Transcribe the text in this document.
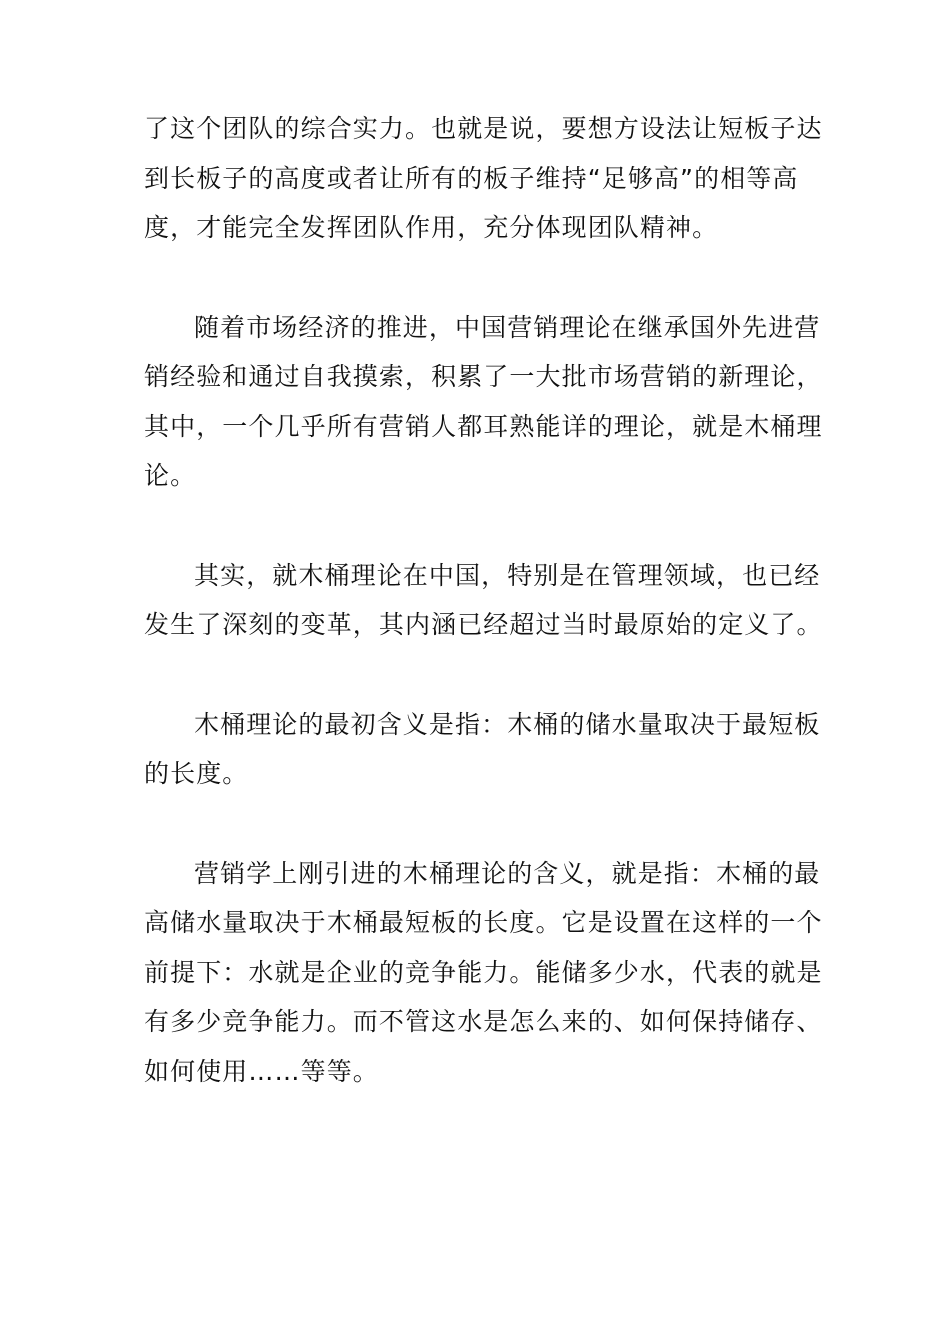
了这个团队的综合实力。也就是说，要想方设法让短板子达
到长板子的高度或者让所有的板子维持“足够高”的相等高
度，才能完全发挥团队作用，充分体现团队精神。

随着市场经济的推进，中国营销理论在继承国外先进营
销经验和通过自我摸索，积累了一大批市场营销的新理论，
其中，一个几乎所有营销人都耳熟能详的理论，就是木桶理
论。

其实，就木桶理论在中国，特别是在管理领域，也已经
发生了深刻的变革，其内涵已经超过当时最原始的定义了。

木桶理论的最初含义是指：木桶的储水量取决于最短板
的长度。

营销学上刚引进的木桶理论的含义，就是指：木桶的最
高储水量取决于木桶最短板的长度。它是设置在这样的一个
前提下：水就是企业的竞争能力。能储多少水，代表的就是
有多少竞争能力。而不管这水是怎么来的、如何保持储存、
如何使用……等等。
